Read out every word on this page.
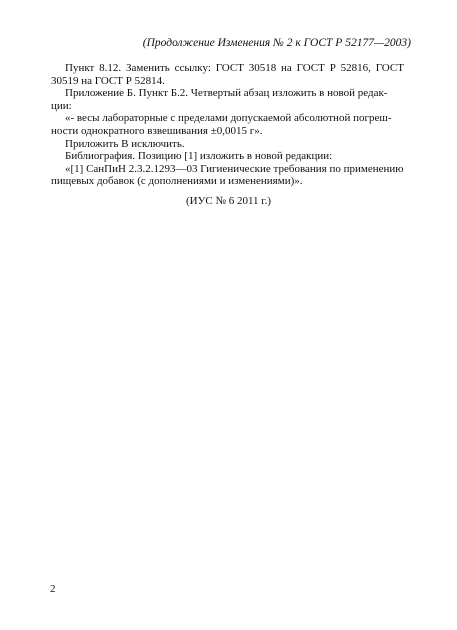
(Продолжение Изменения № 2 к ГОСТ Р 52177—2003)
Пункт 8.12. Заменить ссылку: ГОСТ 30518 на ГОСТ Р 52816, ГОСТ
30519 на ГОСТ Р 52814.
Приложение Б. Пункт Б.2. Четвертый абзац изложить в новой редак-
ции:
«- весы лабораторные с пределами допускаемой абсолютной погреш-
ности однократного взвешивания ±0,0015 г».
Приложить В исключить.
Библиография. Позицию [1] изложить в новой редакции:
«[1] СанПиН 2.3.2.1293—03 Гигиенические требования по применению
пищевых добавок (с дополнениями и изменениями)».
(ИУС № 6 2011 г.)
2
